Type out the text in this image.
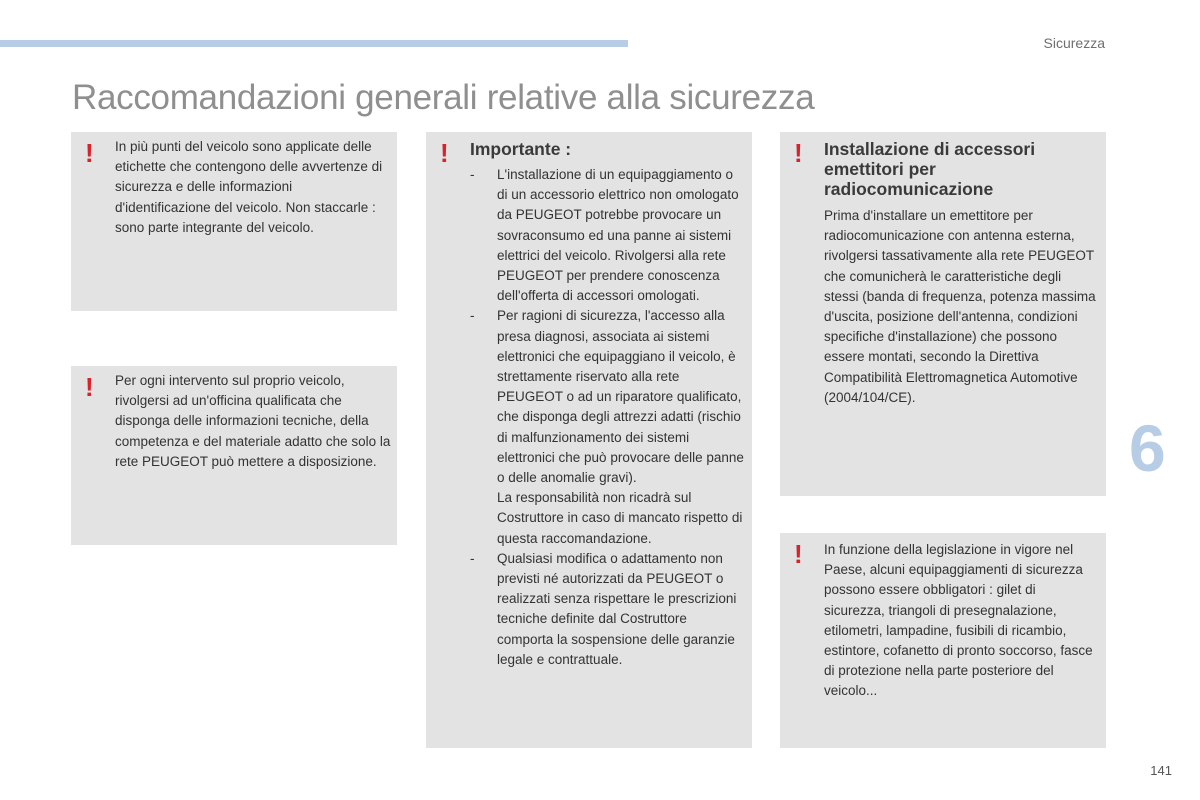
Sicurezza
Raccomandazioni generali relative alla sicurezza
! In più punti del veicolo sono applicate delle etichette che contengono delle avvertenze di sicurezza e delle informazioni d'identificazione del veicolo. Non staccarle : sono parte integrante del veicolo.
! Per ogni intervento sul proprio veicolo, rivolgersi ad un'officina qualificata che disponga delle informazioni tecniche, della competenza e del materiale adatto che solo la rete PEUGEOT può mettere a disposizione.
! Importante :
- L'installazione di un equipaggiamento o di un accessorio elettrico non omologato da PEUGEOT potrebbe provocare un sovraconsumo ed una panne ai sistemi elettrici del veicolo. Rivolgersi alla rete PEUGEOT per prendere conoscenza dell'offerta di accessori omologati.
- Per ragioni di sicurezza, l'accesso alla presa diagnosi, associata ai sistemi elettronici che equipaggiano il veicolo, è strettamente riservato alla rete PEUGEOT o ad un riparatore qualificato, che disponga degli attrezzi adatti (rischio di malfunzionamento dei sistemi elettronici che può provocare delle panne o delle anomalie gravi).
La responsabilità non ricadrà sul Costruttore in caso di mancato rispetto di questa raccomandazione.
- Qualsiasi modifica o adattamento non previsti né autorizzati da PEUGEOT o realizzati senza rispettare le prescrizioni tecniche definite dal Costruttore comporta la sospensione delle garanzie legale e contrattuale.
! Installazione di accessori emettitori per radiocomunicazione
Prima d'installare un emettitore per radiocomunicazione con antenna esterna, rivolgersi tassativamente alla rete PEUGEOT che comunicherà le caratteristiche degli stessi (banda di frequenza, potenza massima d'uscita, posizione dell'antenna, condizioni specifiche d'installazione) che possono essere montati, secondo la Direttiva Compatibilità Elettromagnetica Automotive (2004/104/CE).
! In funzione della legislazione in vigore nel Paese, alcuni equipaggiamenti di sicurezza possono essere obbligatori : gilet di sicurezza, triangoli di presegnalazione, etilometri, lampadine, fusibili di ricambio, estintore, cofanetto di pronto soccorso, fasce di protezione nella parte posteriore del veicolo...
6
141
